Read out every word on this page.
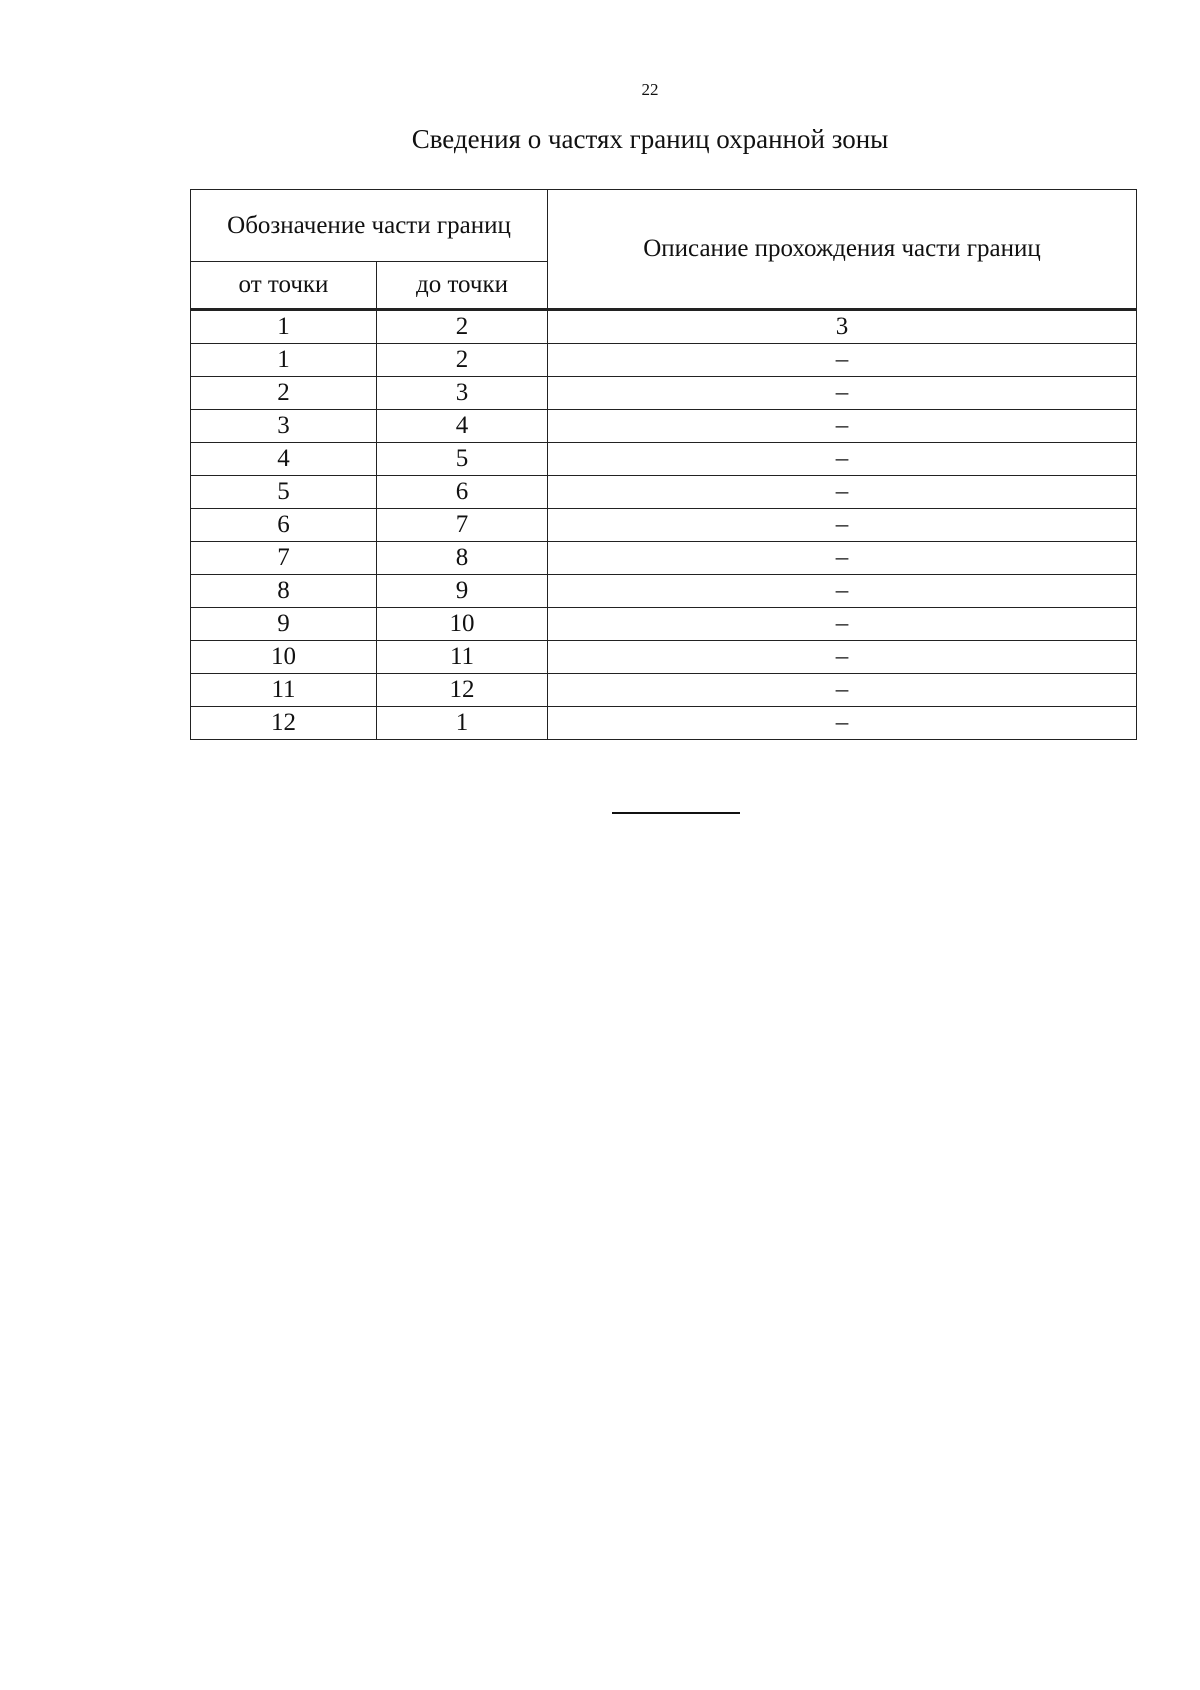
22
Сведения о частях границ охранной зоны
Обозначение части границ		Описание прохождения части границ
от точки	до точки	
1	2	3
1	2	–
2	3	–
3	4	–
4	5	–
5	6	–
6	7	–
7	8	–
8	9	–
9	10	–
10	11	–
11	12	–
12	1	–
